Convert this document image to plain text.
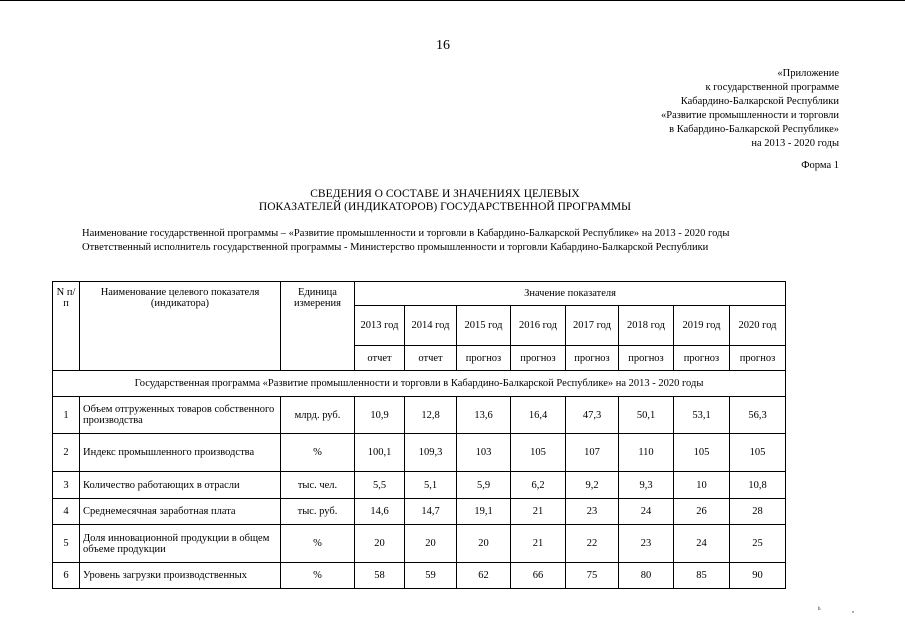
16
«Приложение
к государственной программе
Кабардино-Балкарской Республики
«Развитие промышленности и торговли
в Кабардино-Балкарской Республике»
на 2013 - 2020 годы
Форма 1
СВЕДЕНИЯ О СОСТАВЕ И ЗНАЧЕНИЯХ ЦЕЛЕВЫХ
ПОКАЗАТЕЛЕЙ (ИНДИКАТОРОВ) ГОСУДАРСТВЕННОЙ ПРОГРАММЫ
Наименование государственной программы – «Развитие промышленности и торговли в Кабардино-Балкарской Республике» на 2013 - 2020 годы
Ответственный исполнитель государственной программы - Министерство промышленности и торговли Кабардино-Балкарской Республики
N п/п	Наименование целевого показателя (индикатора)	Единица измерения	Значение показателя							
			2013 год	2014 год	2015 год	2016 год	2017 год	2018 год	2019 год	2020 год
			отчет	отчет	прогноз	прогноз	прогноз	прогноз	прогноз	прогноз
Государственная программа «Развитие промышленности и торговли в Кабардино-Балкарской Республике» на 2013 - 2020 годы										
1	Объем отгруженных товаров собственного производства	млрд. руб.	10,9	12,8	13,6	16,4	47,3	50,1	53,1	56,3
2	Индекс промышленного производства	%	100,1	109,3	103	105	107	110	105	105
3	Количество работающих в отрасли	тыс. чел.	5,5	5,1	5,9	6,2	9,2	9,3	10	10,8
4	Среднемесячная заработная плата	тыс. руб.	14,6	14,7	19,1	21	23	24	26	28
5	Доля инновационной продукции в общем объеме продукции	%	20	20	20	21	22	23	24	25
6	Уровень загрузки производственных	%	58	59	62	66	75	80	85	90
ʰ	,
